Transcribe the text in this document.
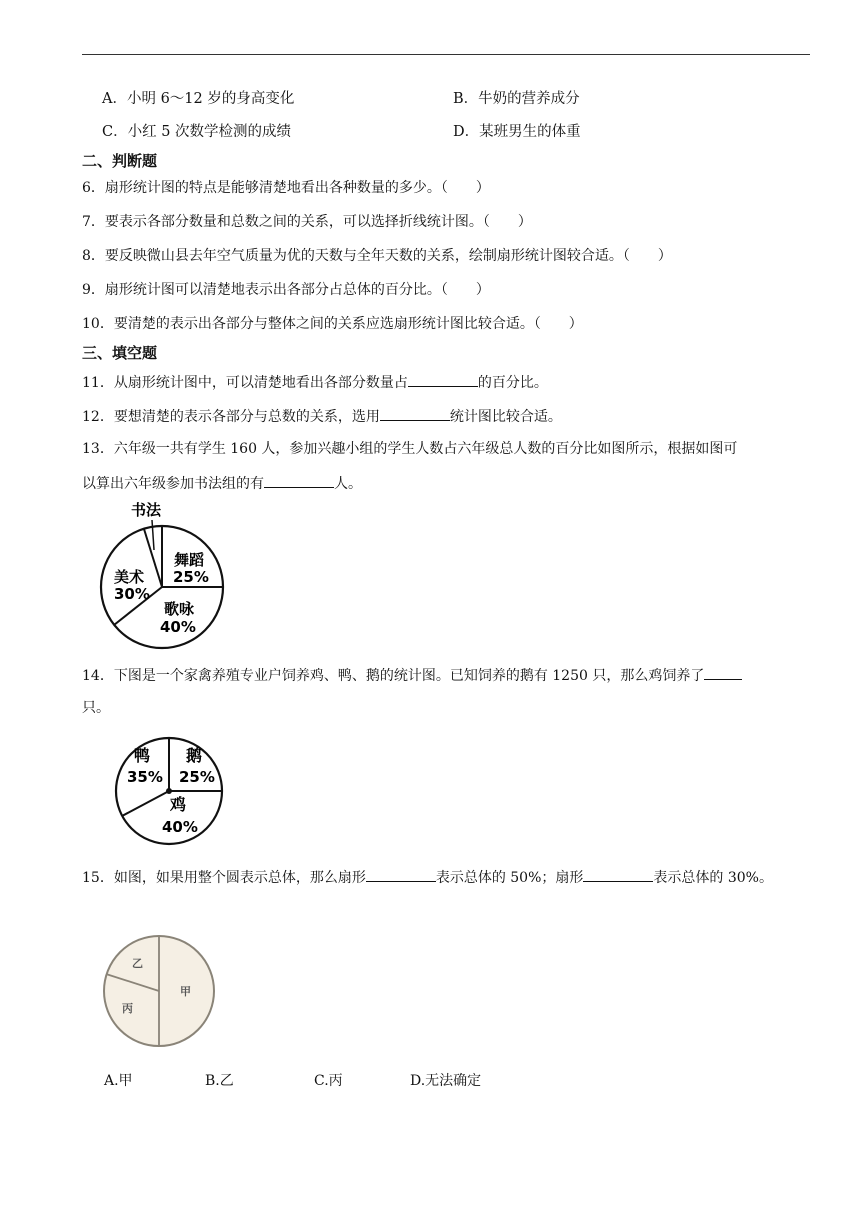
A．小明 6～12 岁的身高变化	B．牛奶的营养成分
C．小红 5 次数学检测的成绩	D．某班男生的体重
二、判断题
6．扇形统计图的特点是能够清楚地看出各种数量的多少。（　　）
7．要表示各部分数量和总数之间的关系，可以选择折线统计图。（　　）
8．要反映微山县去年空气质量为优的天数与全年天数的关系，绘制扇形统计图较合适。（　　）
9．扇形统计图可以清楚地表示出各部分占总体的百分比。（　　）
10．要清楚的表示出各部分与整体之间的关系应选扇形统计图比较合适。（　　）
三、填空题
11．从扇形统计图中，可以清楚地看出各部分数量占	的百分比。
12．要想清楚的表示各部分与总数的关系，选用	统计图比较合适。
13．六年级一共有学生 160 人，参加兴趣小组的学生人数占六年级总人数的百分比如图所示，根据如图可
以算出六年级参加书法组的有	人。
书法
舞蹈
25%
美术
30%
歌咏
40%
14．下图是一个家禽养殖专业户饲养鸡、鸭、鹅的统计图。已知饲养的鹅有 1250 只，那么鸡饲养了
只。
鸭
35%
鹅
25%
鸡
40%
15．如图，如果用整个圆表示总体，那么扇形	表示总体的 50%；扇形	表示总体的 30%。
乙
丙
甲
A.甲	B.乙	C.丙	D.无法确定
